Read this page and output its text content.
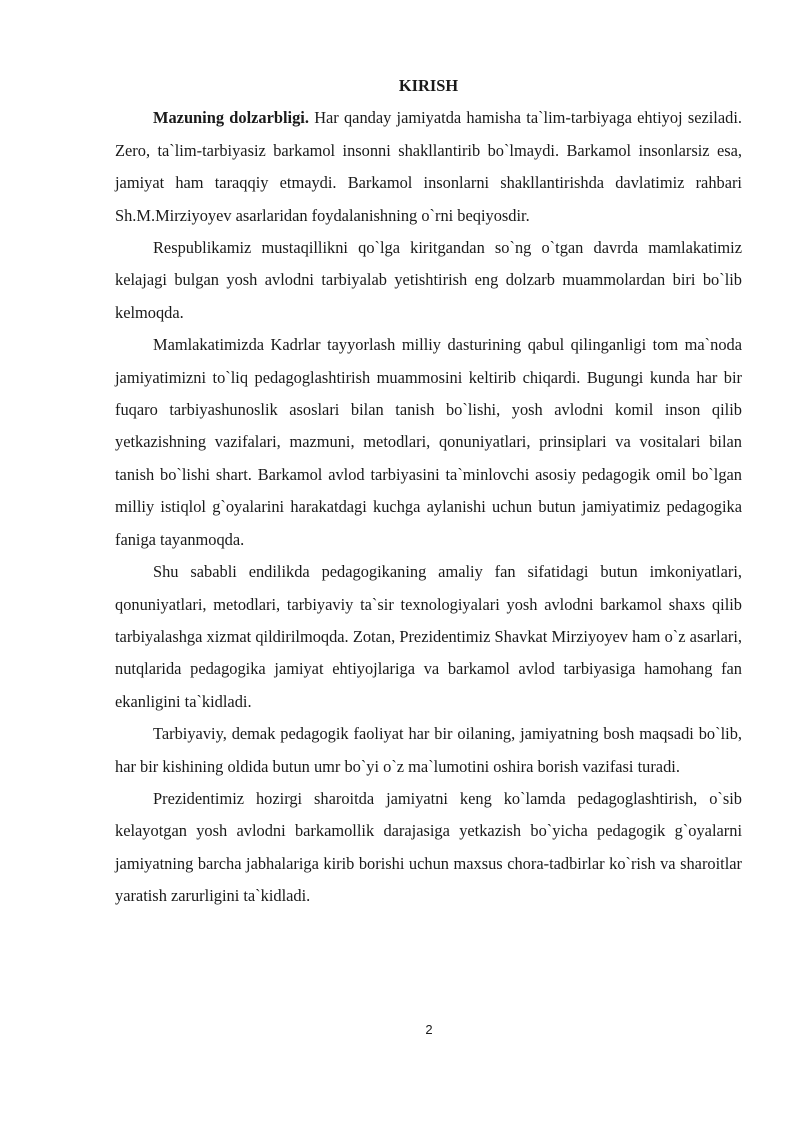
KIRISH

Mazuning dolzarbligi. Har qanday jamiyatda hamisha ta`lim-tarbiyaga ehtiyoj seziladi. Zero, ta`lim-tarbiyasiz barkamol insonni shakllantirib bo`lmaydi. Barkamol insonlarsiz esa, jamiyat ham taraqqiy etmaydi. Barkamol insonlarni shakllantirishda davlatimiz rahbari Sh.M.Mirziyoyev asarlaridan foydalanishning o`rni beqiyosdir.

Respublikamiz mustaqillikni qo`lga kiritgandan so`ng o`tgan davrda mamlakatimiz kelajagi bulgan yosh avlodni tarbiyalab yetishtirish eng dolzarb muammolardan biri bo`lib kelmoqda.

Mamlakatimizda Kadrlar tayyorlash milliy dasturining qabul qilinganligi tom ma`noda jamiyatimizni to`liq pedagoglashtirish muammosini keltirib chiqardi. Bugungi kunda har bir fuqaro tarbiyashunoslik asoslari bilan tanish bo`lishi, yosh avlodni komil inson qilib yetkazishning vazifalari, mazmuni, metodlari, qonuniyatlari, prinsiplari va vositalari bilan tanish bo`lishi shart. Barkamol avlod tarbiyasini ta`minlovchi asosiy pedagogik omil bo`lgan milliy istiqlol g`oyalarini harakatdagi kuchga aylanishi uchun butun jamiyatimiz pedagogika faniga tayanmoqda.

Shu sababli endilikda pedagogikaning amaliy fan sifatidagi butun imkoniyatlari, qonuniyatlari, metodlari, tarbiyaviy ta`sir texnologiyalari yosh avlodni barkamol shaxs qilib tarbiyalashga xizmat qildirilmoqda. Zotan, Prezidentimiz Shavkat Mirziyoyev ham o`z asarlari, nutqlarida pedagogika jamiyat ehtiyojlariga va barkamol avlod tarbiyasiga hamohang fan ekanligini ta`kidladi.

Tarbiyaviy, demak pedagogik faoliyat har bir oilaning, jamiyatning bosh maqsadi bo`lib, har bir kishining oldida butun umr bo`yi o`z ma`lumotini oshira borish vazifasi turadi.

Prezidentimiz hozirgi sharoitda jamiyatni keng ko`lamda pedagoglashtirish, o`sib kelayotgan yosh avlodni barkamollik darajasiga yetkazish bo`yicha pedagogik g`oyalarni jamiyatning barcha jabhalariga kirib borishi uchun maxsus chora-tadbirlar ko`rish va sharoitlar yaratish zarurligini ta`kidladi.

2
